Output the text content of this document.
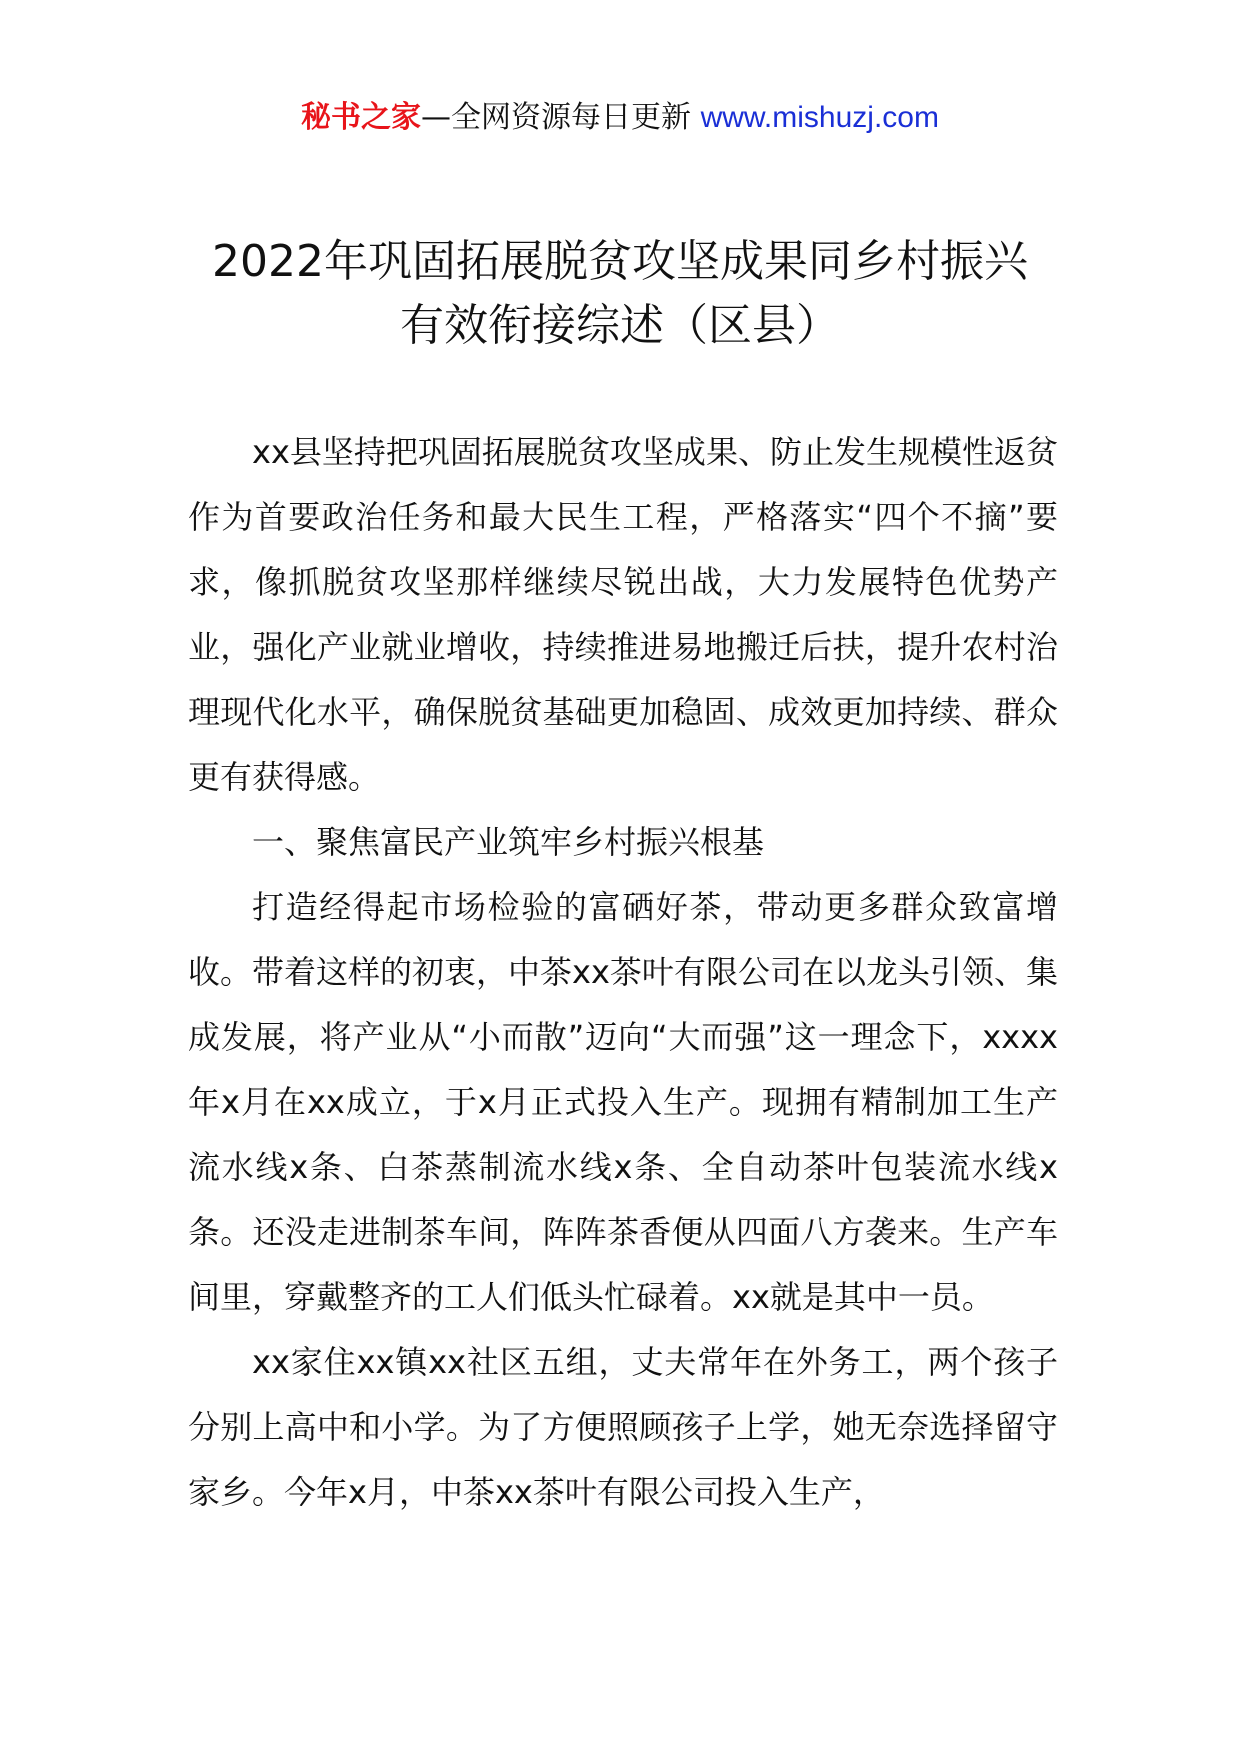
秘书之家—全网资源每日更新 www.mishuzj.com
2022年巩固拓展脱贫攻坚成果同乡村振兴
有效衔接综述（区县）

xx县坚持把巩固拓展脱贫攻坚成果、防止发生规模性返贫作为首要政治任务和最大民生工程，严格落实“四个不摘”要求，像抓脱贫攻坚那样继续尽锐出战，大力发展特色优势产业，强化产业就业增收，持续推进易地搬迁后扶，提升农村治理现代化水平，确保脱贫基础更加稳固、成效更加持续、群众更有获得感。

一、聚焦富民产业筑牢乡村振兴根基

打造经得起市场检验的富硒好茶，带动更多群众致富增收。带着这样的初衷，中茶xx茶叶有限公司在以龙头引领、集成发展，将产业从“小而散”迈向“大而强”这一理念下，xxxx年x月在xx成立，于x月正式投入生产。现拥有精制加工生产流水线x条、白茶蒸制流水线x条、全自动茶叶包装流水线x条。还没走进制茶车间，阵阵茶香便从四面八方袭来。生产车间里，穿戴整齐的工人们低头忙碌着。xx就是其中一员。

xx家住xx镇xx社区五组，丈夫常年在外务工，两个孩子分别上高中和小学。为了方便照顾孩子上学，她无奈选择留守家乡。今年x月，中茶xx茶叶有限公司投入生产，
